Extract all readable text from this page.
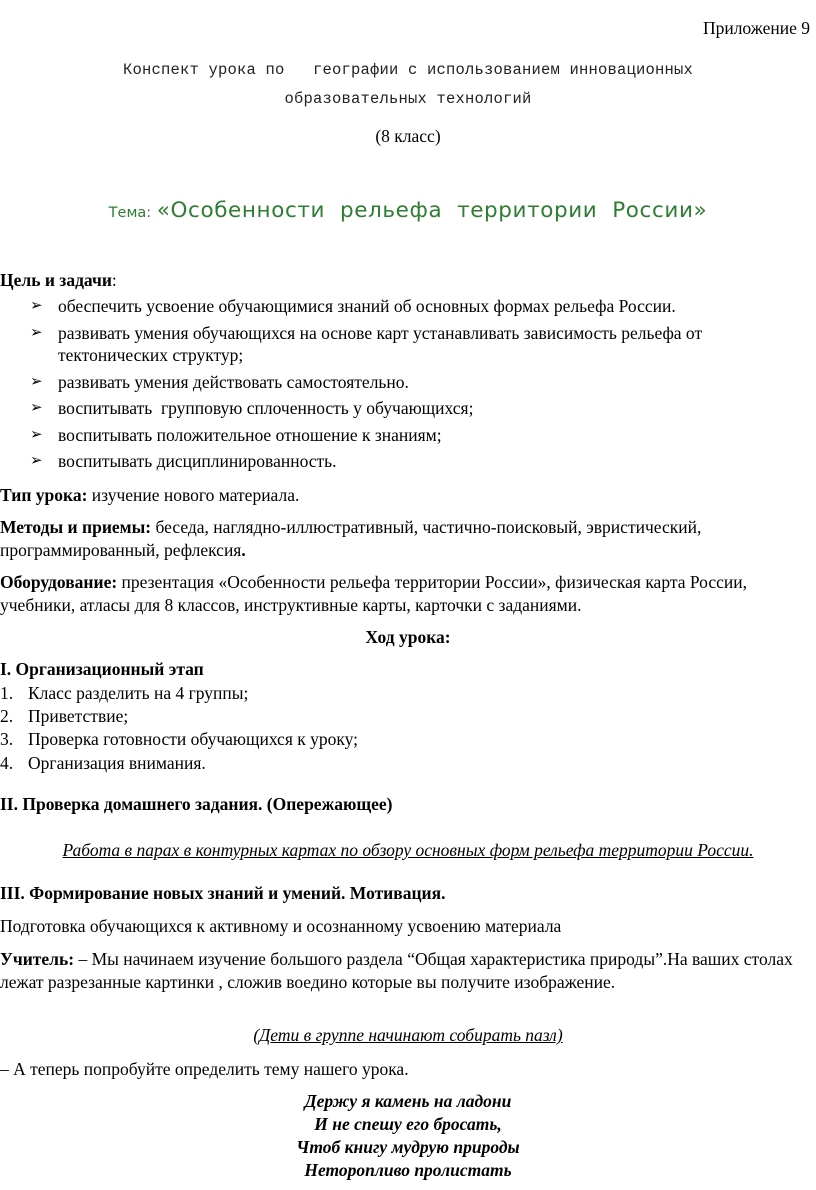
Приложение 9
Конспект урока по   географии с использованием инновационных
образовательных технологий
(8 класс)
Тема: «Особенности  рельефа  территории  России»
Цель и задачи:
➢ обеспечить усвоение обучающимися знаний об основных формах рельефа России.
➢ развивать умения обучающихся на основе карт устанавливать зависимость рельефа от тектонических структур;
➢ развивать умения действовать самостоятельно.
➢ воспитывать  групповую сплоченность у обучающихся;
➢ воспитывать положительное отношение к знаниям;
➢ воспитывать дисциплинированность.
Тип урока: изучение нового материала.
Методы и приемы: беседа, наглядно-иллюстративный, частично-поисковый, эвристический, программированный, рефлексия.
Оборудование: презентация «Особенности рельефа территории России», физическая карта России, учебники, атласы для 8 классов, инструктивные карты, карточки с заданиями.
Ход урока:
I. Организационный этап
1. Класс разделить на 4 группы;
2. Приветствие;
3. Проверка готовности обучающихся к уроку;
4. Организация внимания.
II. Проверка домашнего задания. (Опережающее)
Работа в парах в контурных картах по обзору основных форм рельефа территории России.
III. Формирование новых знаний и умений. Мотивация.
Подготовка обучающихся к активному и осознанному усвоению материала
Учитель: – Мы начинаем изучение большого раздела “Общая характеристика природы”.На ваших столах лежат разрезанные картинки , сложив воедино которые вы получите изображение.
(Дети в группе начинают собирать пазл)
– А теперь попробуйте определить тему нашего урока.
Держу я камень на ладони
И не спешу его бросать,
Чтоб книгу мудрую природы
Неторопливо пролистать
